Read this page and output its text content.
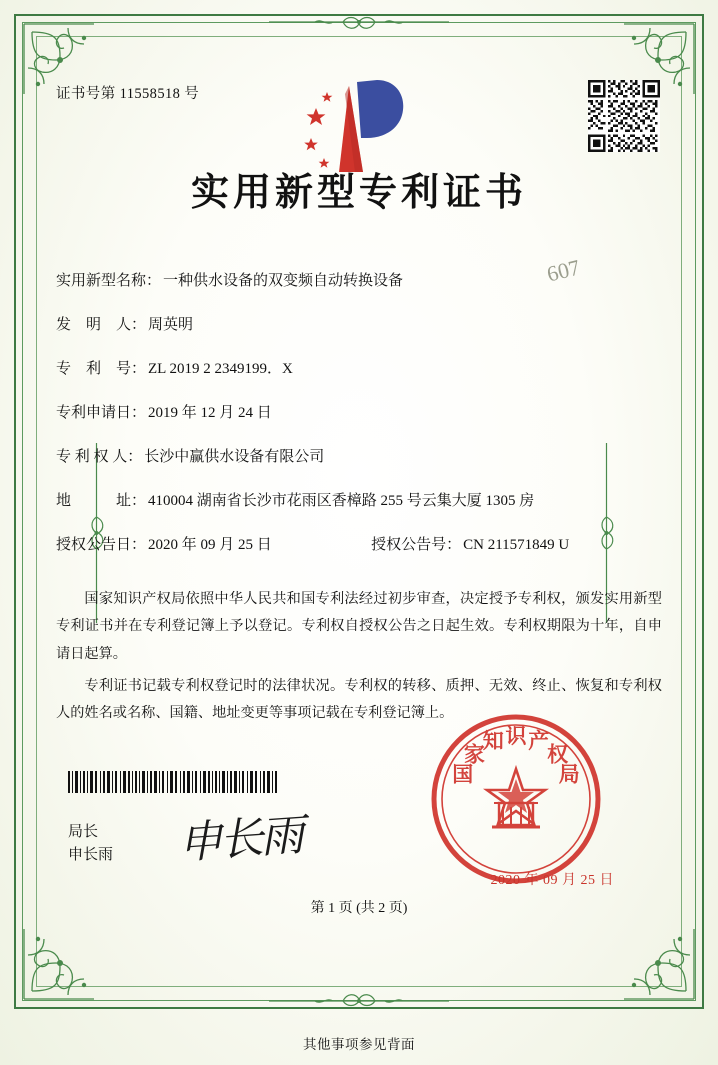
证书号第 11558518 号
实用新型专利证书
607
实用新型名称： 一种供水设备的双变频自动转换设备
发　明　人： 周英明
专　利　号： ZL 2019 2 2349199．X
专利申请日： 2019 年 12 月 24 日
专 利 权 人： 长沙中赢供水设备有限公司
地　　　址： 410004 湖南省长沙市花雨区香樟路 255 号云集大厦 1305 房
授权公告日： 2020 年 09 月 25 日	授权公告号： CN 211571849 U

国家知识产权局依照中华人民共和国专利法经过初步审查，决定授予专利权，颁发实用新型专利证书并在专利登记簿上予以登记。专利权自授权公告之日起生效。专利权期限为十年，自申请日起算。

专利证书记载专利权登记时的法律状况。专利权的转移、质押、无效、终止、恢复和专利权人的姓名或名称、国籍、地址变更等事项记载在专利登记簿上。

局长
申长雨 申长雨
国
家
知 识 产
权
局
2020 年 09 月 25 日
第 1 页 (共 2 页)
其他事项参见背面
